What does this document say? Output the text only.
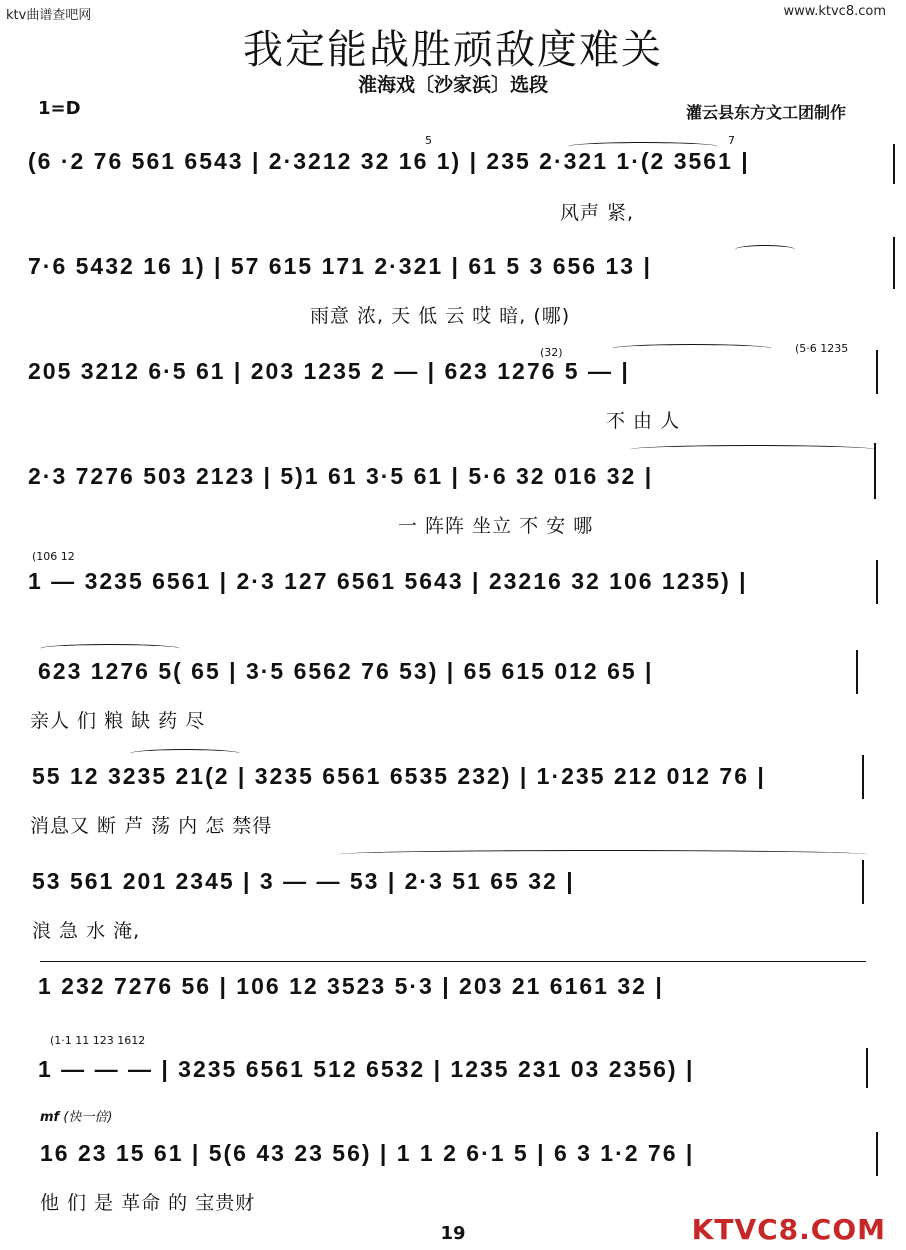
ktv曲谱查吧网	www.ktvc8.com
我定能战胜顽敌度难关
淮海戏〔沙家浜〕选段
1=D	灌云县东方文工团制作
(6 ·2 76 561 6543 | 2·3212 32 16 1) | 235 2·321 1·(2 3561 |
风声 紧,
5	7
7·6 5432 16 1) | 57 615 171 2·321 | 61 5 3 656 13 |
雨意 浓, 天 低 云 哎 暗, (哪)
205 3212 6·5 61 | 203 1235 2 — | 623 1276 5 — |
不 由 人
(32)	(5·6 1235
2·3 7276 503 2123 | 5)1 61 3·5 61 | 5·6 32 016 32 |
一 阵阵 坐立 不 安 哪
(106 12
1 — 3235 6561 | 2·3 127 6561 5643 | 23216 32 106 1235) |
623 1276 5( 65 | 3·5 6562 76 53) | 65 615 012 65 |
亲人 们 粮 缺 药 尽
55 12 3235 21(2 | 3235 6561 6535 232) | 1·235 212 012 76 |
消息又 断 芦 荡 内 怎 禁得
53 561 201 2345 | 3 — — 53 | 2·3 51 65 32 |
浪 急 水 淹,
1 232 7276 56 | 106 12 3523 5·3 | 203 21 6161 32 |
(1·1 11 123 1612
1 — — — | 3235 6561 512 6532 | 1235 231 03 2356) |
mf (快一倍)
16 23 15 61 | 5(6 43 23 56) | 1 1 2 6·1 5 | 6 3 1·2 76 |
他 们 是 革命 的 宝贵财
19	KTVC8.COM
